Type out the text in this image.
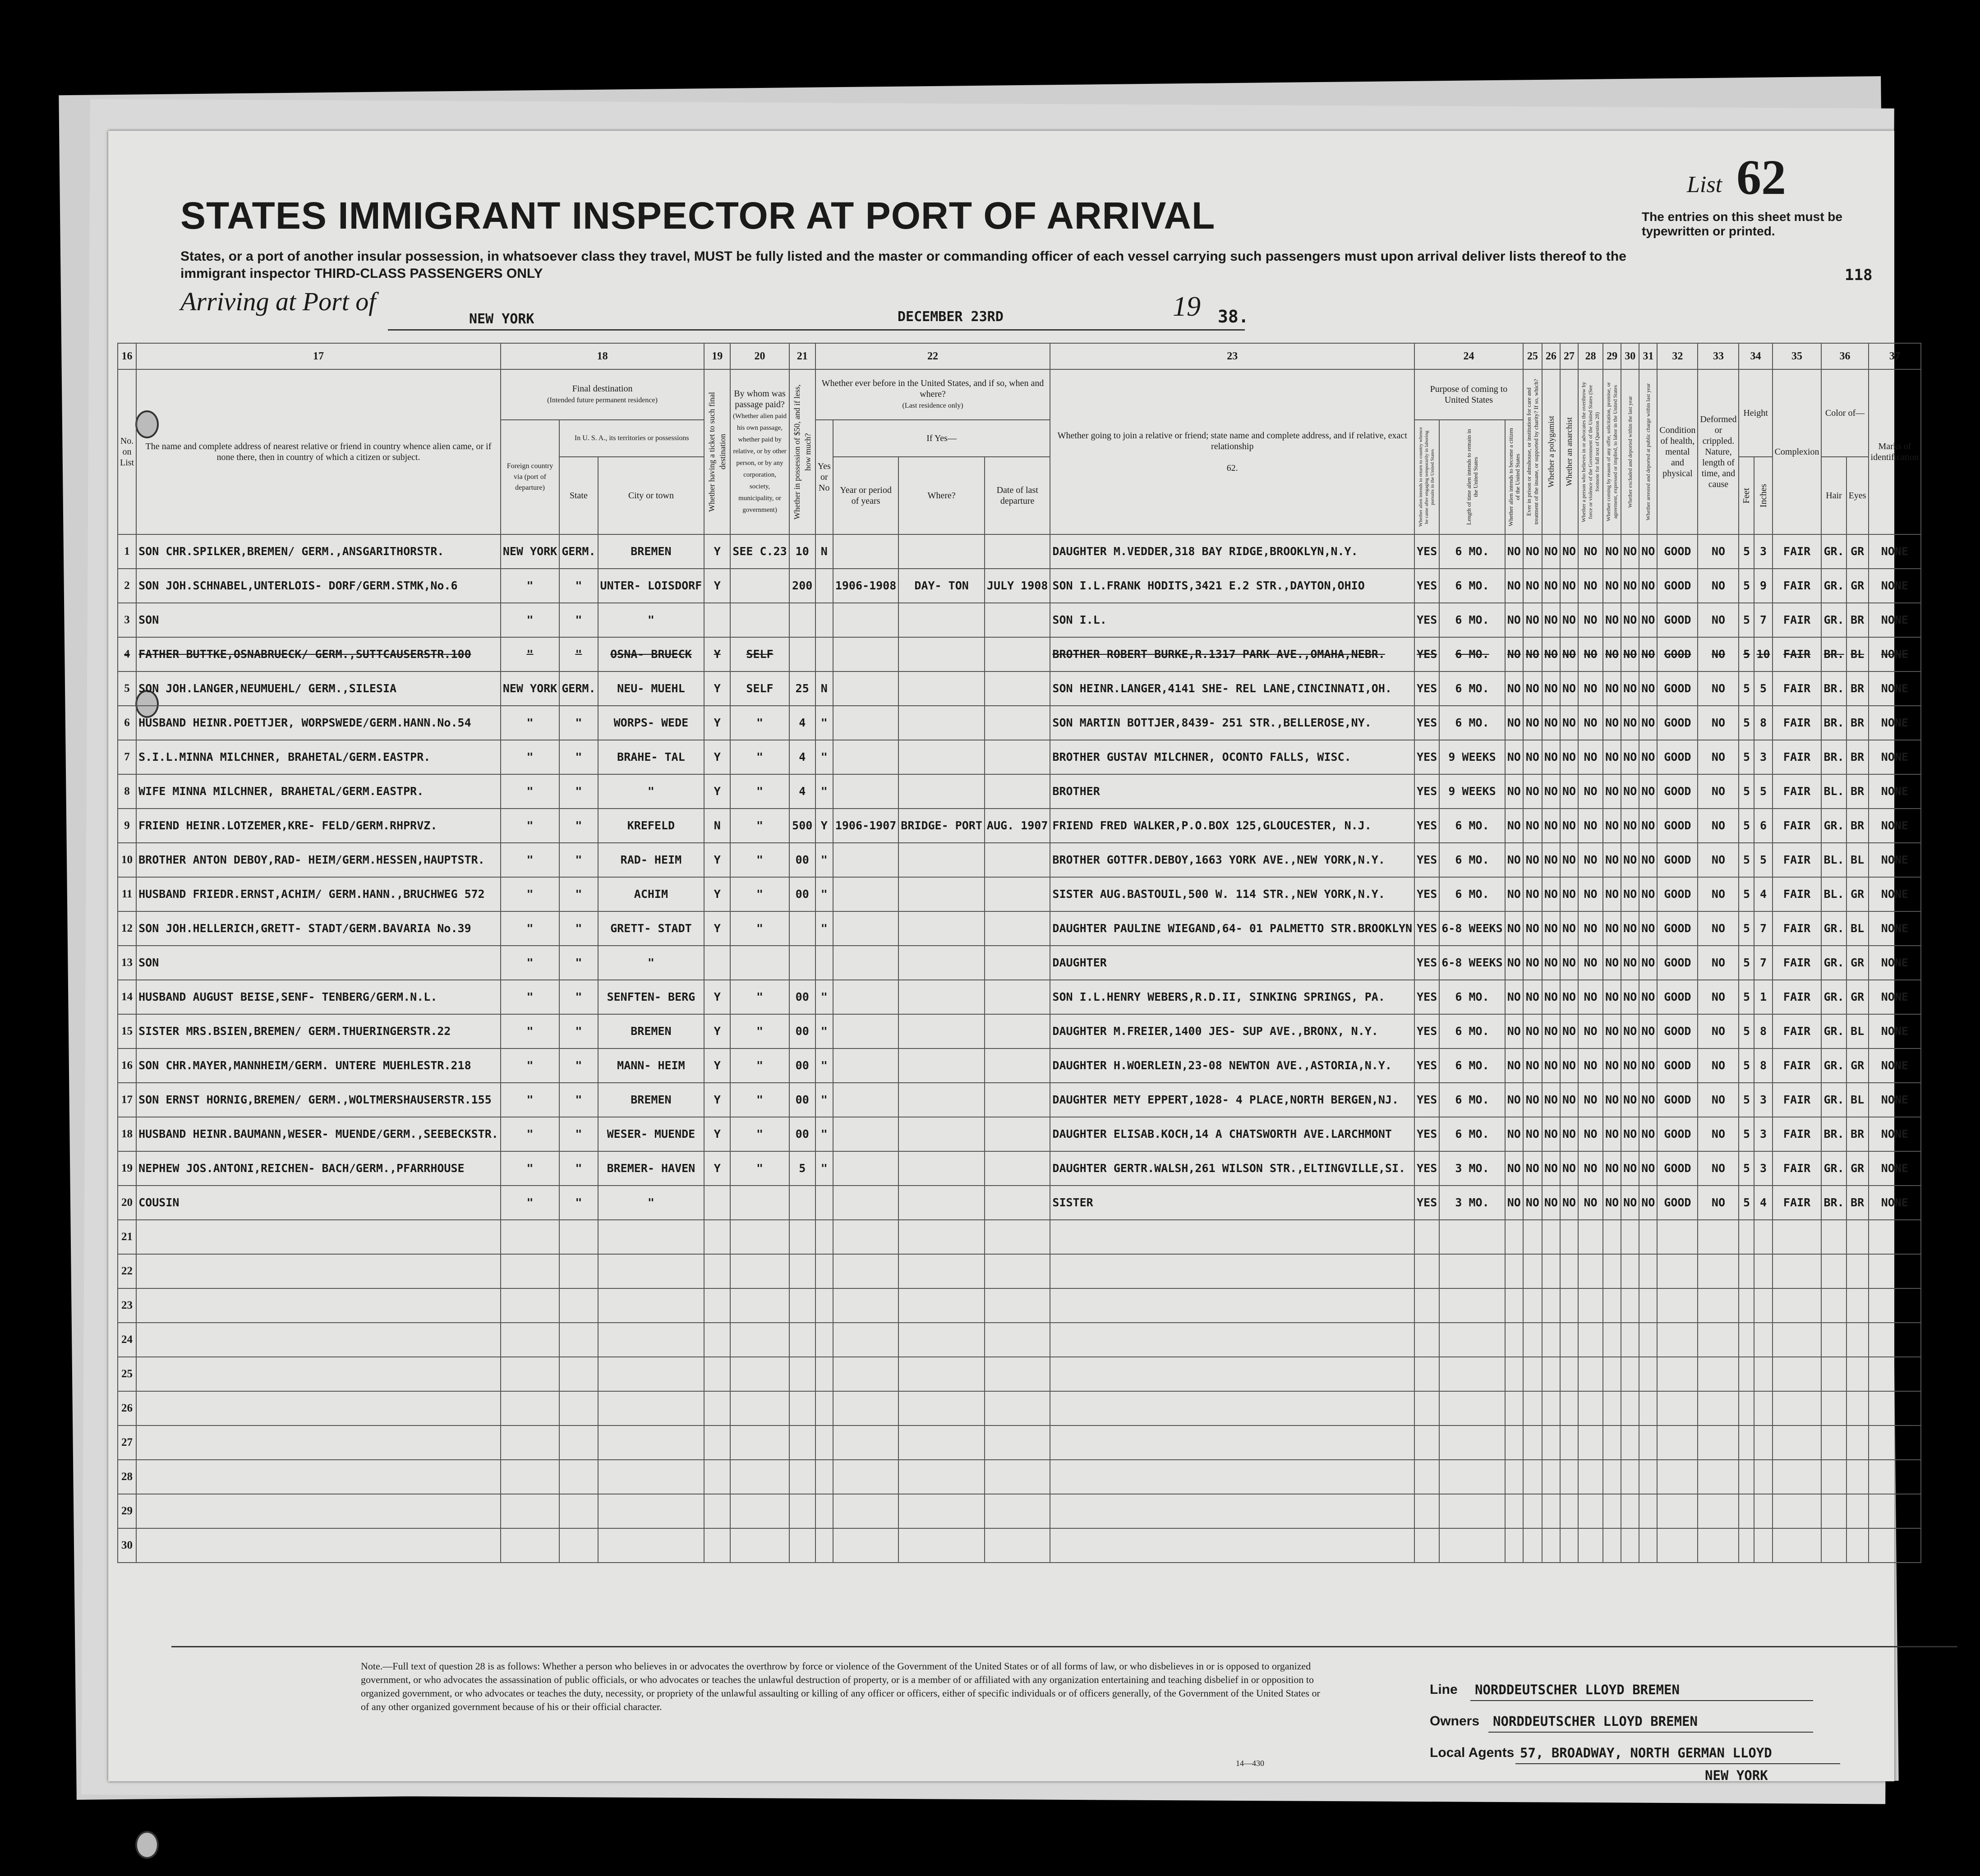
STATES IMMIGRANT INSPECTOR AT PORT OF ARRIVAL
States, or a port of another insular possession, in whatsoever class they travel, MUST be fully listed and the master or commanding officer of each vessel carrying such passengers must upon arrival deliver lists thereof to the immigrant inspector THIRD-CLASS PASSENGERS ONLY
List 62
The entries on this sheet must be typewritten or printed.
118
Arriving at Port of
NEW YORK	DECEMBER 23RD	19 38.
16	17	18			19	20	21	22				23	24			25	26	27	28	29	30	31	32	33	34		35	36		37
No. on List	The name and complete address of nearest relative or friend in country whence alien came, or if none there, then in country of which a citizen or subject.	Final destination
(Intended future permanent residence)			Whether having a ticket to such final destination	By whom was passage paid?
(Whether alien paid his own passage, whether paid by relative, or by other person, or by any corporation, society, municipality, or government)	Whether in possession of $50, and if less, how much?	Whether ever before in the United States, and if so, when and where?
(Last residence only)				Whether going to join a relative or friend; state name and complete address, and if relative, exact relationship

62.	Purpose of coming to United States			Ever in prison or almshouse, or institution for care and treatment of the insane, or supported by charity? If so, which?	Whether a polygamist	Whether an anarchist	Whether a person who believes in or advocates the overthrow by force or violence of the Government of the United States (See footnote for full text of Question 28)	Whether coming by reason of any offer, solicitation, promise, or agreement, expressed or implied, to labor in the United States	Whether excluded and deported within the last year	Whether arrested and deported at public charge within last year	Condition of health, mental and physical	Deformed or crippled. Nature, length of time, and cause	Height		Complexion	Color of—		Marks of identification
		Foreign country via (port of departure)	In U. S. A., its territories or possessions					Yes or No	If Yes—				Whether alien intends to return to country whence he came after engaging temporarily in laboring pursuits in the United States	Length of time alien intends to remain in the United States	Whether alien intends to become a citizen of the United States															

			State	City or town					Year or period of years	Where?	Date of last departure														Feet	Inches		Hair	Eyes	
1	SON CHR.SPILKER,BREMEN/ GERM.,ANSGARITHORSTR.	NEW YORK	GERM.	BREMEN	Y	SEE C.23	10	N				DAUGHTER M.VEDDER,318 BAY RIDGE,BROOKLYN,N.Y.	YES	6 MO.	NO	NO	NO	NO	NO	NO	NO	NO	GOOD	NO	5	3	FAIR	GR.	GR	NONE
2	SON JOH.SCHNABEL,UNTERLOIS- DORF/GERM.STMK,No.6	"	"	UNTER- LOISDORF	Y		200		1906-1908	DAY- TON	JULY 1908	SON I.L.FRANK HODITS,3421 E.2 STR.,DAYTON,OHIO	YES	6 MO.	NO	NO	NO	NO	NO	NO	NO	NO	GOOD	NO	5	9	FAIR	GR.	GR	NONE
3	SON	"	"	"								SON I.L.	YES	6 MO.	NO	NO	NO	NO	NO	NO	NO	NO	GOOD	NO	5	7	FAIR	GR.	BR	NONE
4	FATHER BUTTKE,OSNABRUECK/ GERM.,SUTTCAUSERSTR.100	"	"	OSNA- BRUECK	Y	SELF						BROTHER ROBERT BURKE,R.1317 PARK AVE.,OMAHA,NEBR.	YES	6 MO.	NO	NO	NO	NO	NO	NO	NO	NO	GOOD	NO	5	10	FAIR	BR.	BL	NONE
5	SON JOH.LANGER,NEUMUEHL/ GERM.,SILESIA	NEW YORK	GERM.	NEU- MUEHL	Y	SELF	25	N				SON HEINR.LANGER,4141 SHE- REL LANE,CINCINNATI,OH.	YES	6 MO.	NO	NO	NO	NO	NO	NO	NO	NO	GOOD	NO	5	5	FAIR	BR.	BR	NONE
6	HUSBAND HEINR.POETTJER, WORPSWEDE/GERM.HANN.No.54	"	"	WORPS- WEDE	Y	"	4	"				SON MARTIN BOTTJER,8439- 251 STR.,BELLEROSE,NY.	YES	6 MO.	NO	NO	NO	NO	NO	NO	NO	NO	GOOD	NO	5	8	FAIR	BR.	BR	NONE
7	S.I.L.MINNA MILCHNER, BRAHETAL/GERM.EASTPR.	"	"	BRAHE- TAL	Y	"	4	"				BROTHER GUSTAV MILCHNER, OCONTO FALLS, WISC.	YES	9 WEEKS	NO	NO	NO	NO	NO	NO	NO	NO	GOOD	NO	5	3	FAIR	BR.	BR	NONE
8	WIFE MINNA MILCHNER, BRAHETAL/GERM.EASTPR.	"	"	"	Y	"	4	"				BROTHER	YES	9 WEEKS	NO	NO	NO	NO	NO	NO	NO	NO	GOOD	NO	5	5	FAIR	BL.	BR	NONE
9	FRIEND HEINR.LOTZEMER,KRE- FELD/GERM.RHPRVZ.	"	"	KREFELD	N	"	500	Y	1906-1907	BRIDGE- PORT	AUG. 1907	FRIEND FRED WALKER,P.O.BOX 125,GLOUCESTER, N.J.	YES	6 MO.	NO	NO	NO	NO	NO	NO	NO	NO	GOOD	NO	5	6	FAIR	GR.	BR	NONE
10	BROTHER ANTON DEBOY,RAD- HEIM/GERM.HESSEN,HAUPTSTR.	"	"	RAD- HEIM	Y	"	00	"				BROTHER GOTTFR.DEBOY,1663 YORK AVE.,NEW YORK,N.Y.	YES	6 MO.	NO	NO	NO	NO	NO	NO	NO	NO	GOOD	NO	5	5	FAIR	BL.	BL	NONE
11	HUSBAND FRIEDR.ERNST,ACHIM/ GERM.HANN.,BRUCHWEG 572	"	"	ACHIM	Y	"	00	"				SISTER AUG.BASTOUIL,500 W. 114 STR.,NEW YORK,N.Y.	YES	6 MO.	NO	NO	NO	NO	NO	NO	NO	NO	GOOD	NO	5	4	FAIR	BL.	GR	NONE
12	SON JOH.HELLERICH,GRETT- STADT/GERM.BAVARIA No.39	"	"	GRETT- STADT	Y	"		"				DAUGHTER PAULINE WIEGAND,64- 01 PALMETTO STR.BROOKLYN	YES	6-8 WEEKS	NO	NO	NO	NO	NO	NO	NO	NO	GOOD	NO	5	7	FAIR	GR.	BL	NONE
13	SON	"	"	"								DAUGHTER	YES	6-8 WEEKS	NO	NO	NO	NO	NO	NO	NO	NO	GOOD	NO	5	7	FAIR	GR.	GR	NONE
14	HUSBAND AUGUST BEISE,SENF- TENBERG/GERM.N.L.	"	"	SENFTEN- BERG	Y	"	00	"				SON I.L.HENRY WEBERS,R.D.II, SINKING SPRINGS, PA.	YES	6 MO.	NO	NO	NO	NO	NO	NO	NO	NO	GOOD	NO	5	1	FAIR	GR.	GR	NONE
15	SISTER MRS.BSIEN,BREMEN/ GERM.THUERINGERSTR.22	"	"	BREMEN	Y	"	00	"				DAUGHTER M.FREIER,1400 JES- SUP AVE.,BRONX, N.Y.	YES	6 MO.	NO	NO	NO	NO	NO	NO	NO	NO	GOOD	NO	5	8	FAIR	GR.	BL	NONE
16	SON CHR.MAYER,MANNHEIM/GERM. UNTERE MUEHLESTR.218	"	"	MANN- HEIM	Y	"	00	"				DAUGHTER H.WOERLEIN,23-08 NEWTON AVE.,ASTORIA,N.Y.	YES	6 MO.	NO	NO	NO	NO	NO	NO	NO	NO	GOOD	NO	5	8	FAIR	GR.	GR	NONE
17	SON ERNST HORNIG,BREMEN/ GERM.,WOLTMERSHAUSERSTR.155	"	"	BREMEN	Y	"	00	"				DAUGHTER METY EPPERT,1028- 4 PLACE,NORTH BERGEN,NJ.	YES	6 MO.	NO	NO	NO	NO	NO	NO	NO	NO	GOOD	NO	5	3	FAIR	GR.	BL	NONE
18	HUSBAND HEINR.BAUMANN,WESER- MUENDE/GERM.,SEEBECKSTR.	"	"	WESER- MUENDE	Y	"	00	"				DAUGHTER ELISAB.KOCH,14 A CHATSWORTH AVE.LARCHMONT	YES	6 MO.	NO	NO	NO	NO	NO	NO	NO	NO	GOOD	NO	5	3	FAIR	BR.	BR	NONE
19	NEPHEW JOS.ANTONI,REICHEN- BACH/GERM.,PFARRHOUSE	"	"	BREMER- HAVEN	Y	"	5	"				DAUGHTER GERTR.WALSH,261 WILSON STR.,ELTINGVILLE,SI.	YES	3 MO.	NO	NO	NO	NO	NO	NO	NO	NO	GOOD	NO	5	3	FAIR	GR.	GR	NONE
20	COUSIN	"	"	"								SISTER	YES	3 MO.	NO	NO	NO	NO	NO	NO	NO	NO	GOOD	NO	5	4	FAIR	BR.	BR	NONE
21																														
22																														
23																														
24																														
25																														
26																														
27																														
28																														
29																														
30																														
Note.—Full text of question 28 is as follows: Whether a person who believes in or advocates the overthrow by force or violence of the Government of the United States or of all forms of law, or who disbelieves in or is opposed to organized government, or who advocates the assassination of public officials, or who advocates or teaches the unlawful destruction of property, or is a member of or affiliated with any organization entertaining and teaching disbelief in or opposition to organized government, or who advocates or teaches the duty, necessity, or propriety of the unlawful assaulting or killing of any officer or officers, either of specific individuals or of officers generally, of the Government of the United States or of any other organized government because of his or their official character.
14—430
Line NORDDEUTSCHER LLOYD BREMEN
Owners NORDDEUTSCHER LLOYD BREMEN
Local Agents 57, BROADWAY, NORTH GERMAN LLOYD
NEW YORK
